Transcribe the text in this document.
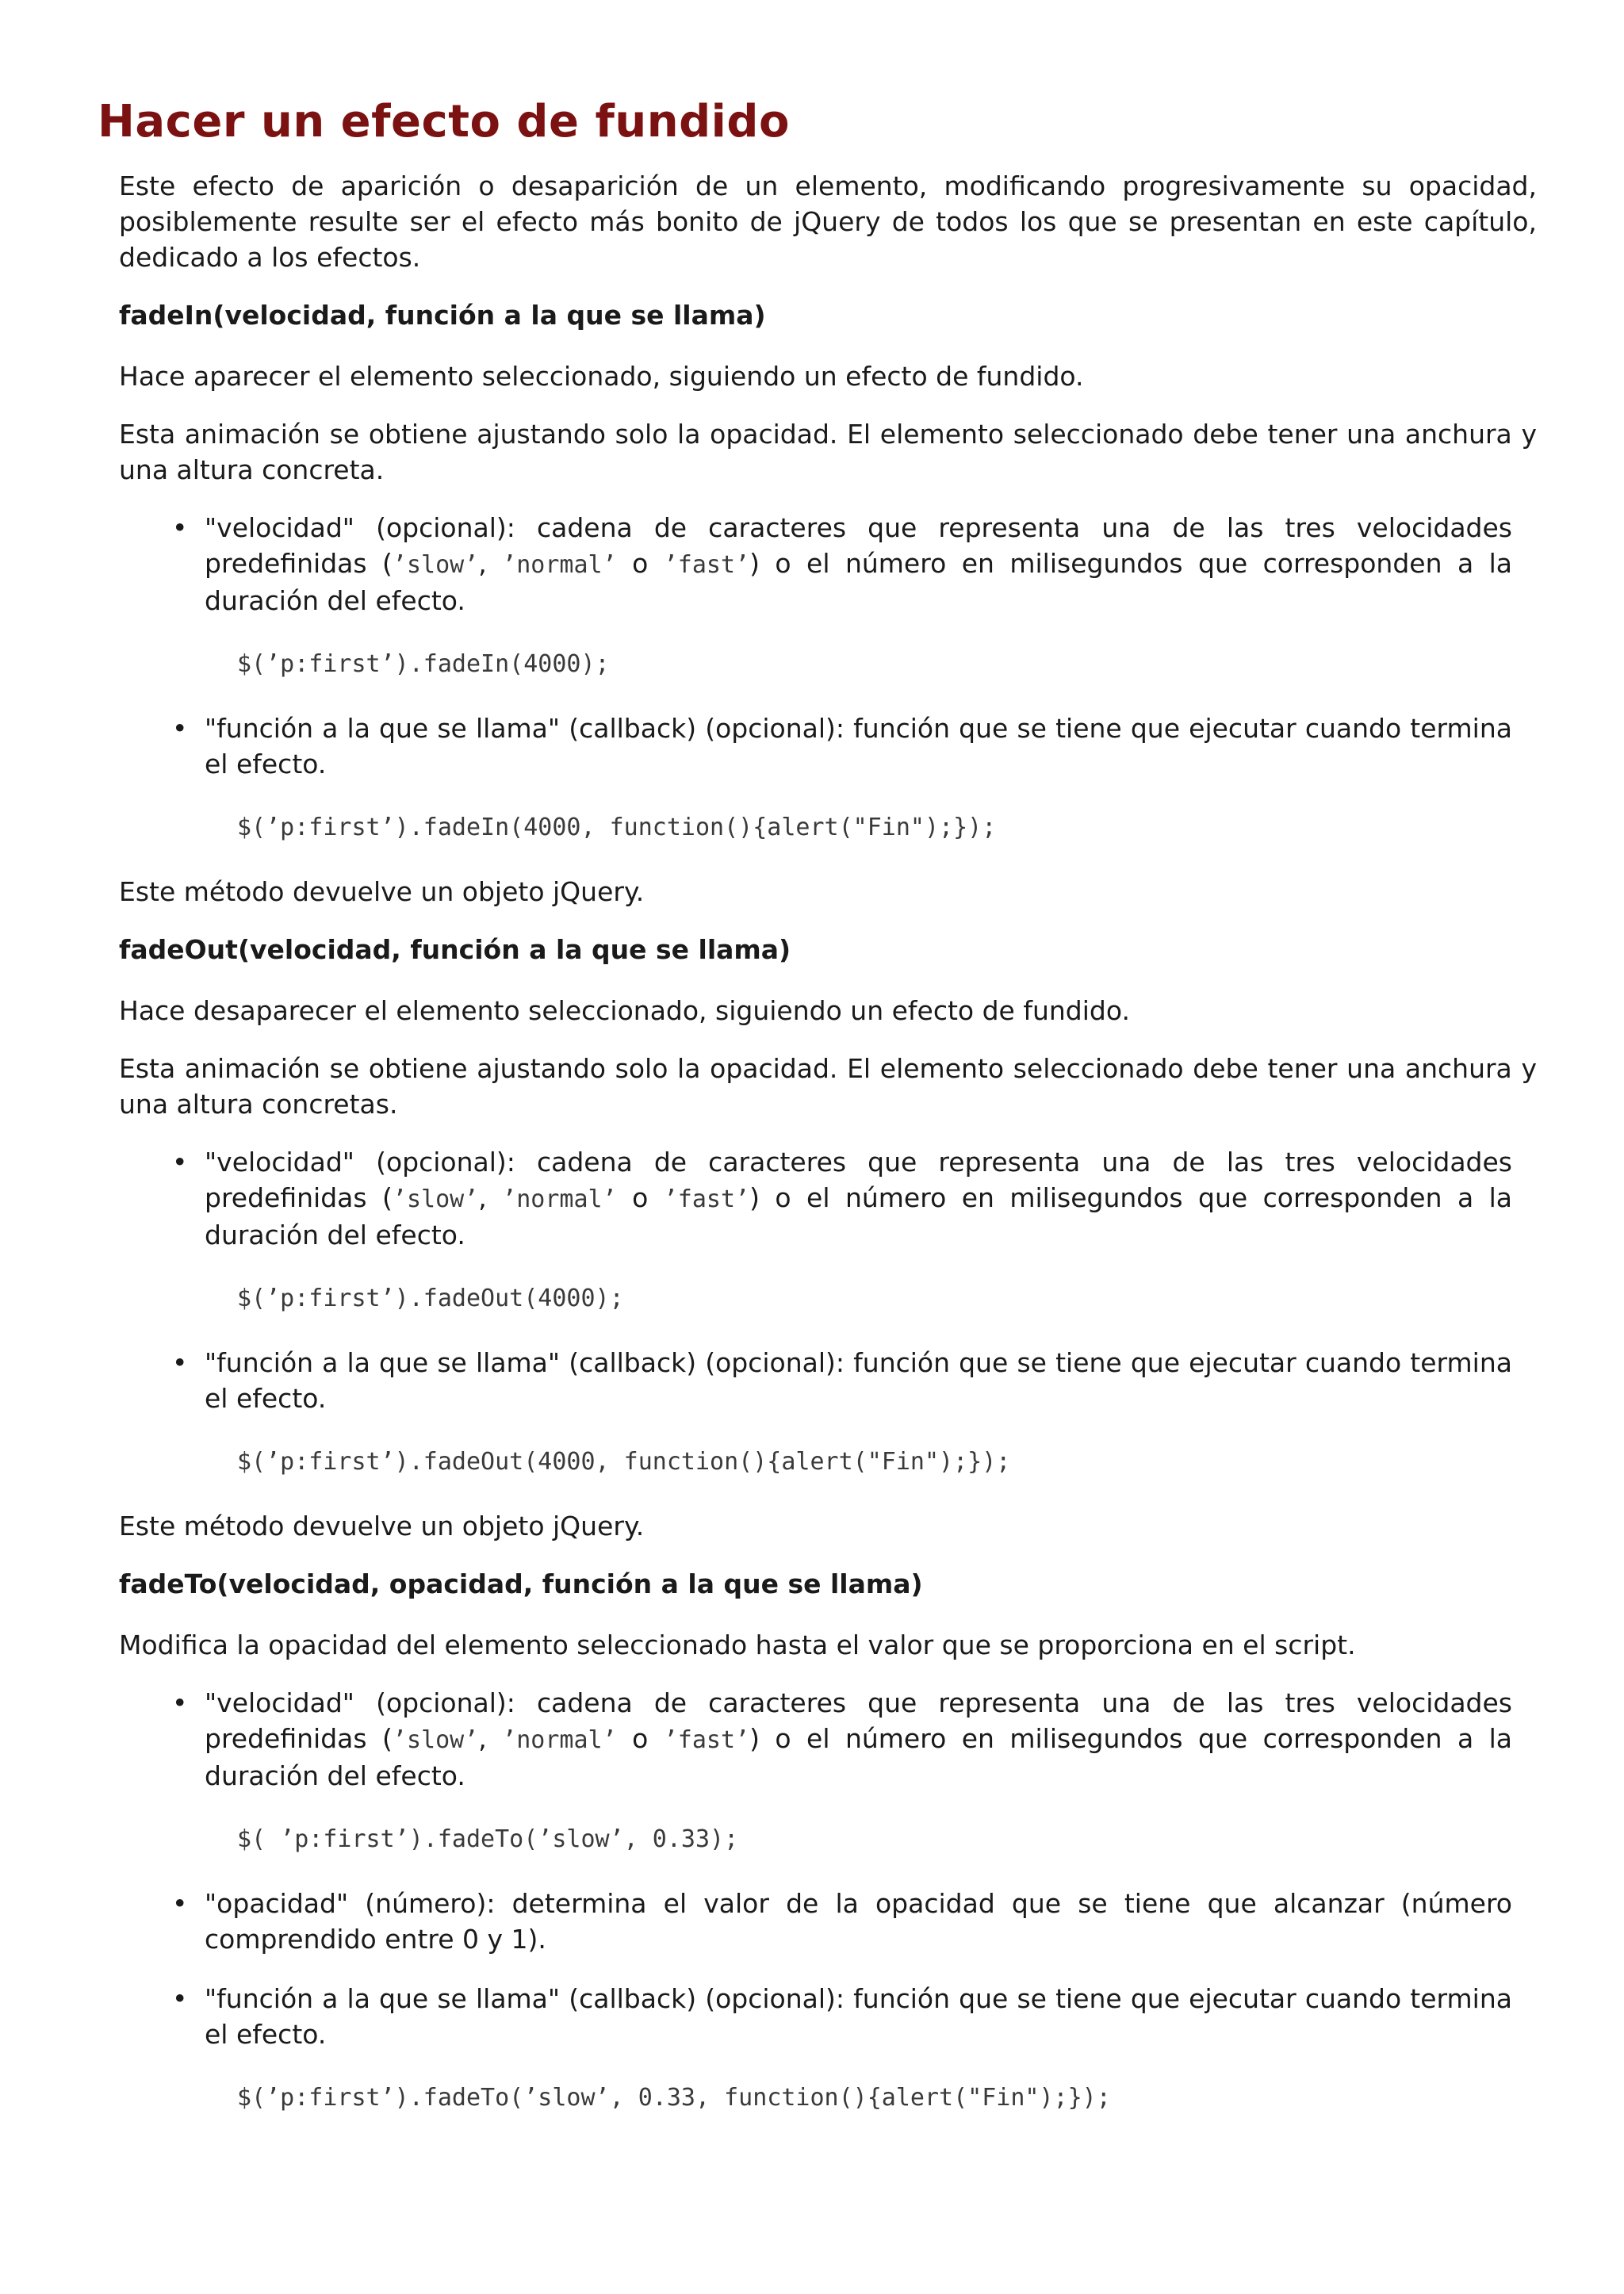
Hacer un efecto de fundido

Este efecto de aparición o desaparición de un elemento, modificando progresivamente su opacidad, posiblemente resulte ser el efecto más bonito de jQuery de todos los que se presentan en este capítulo, dedicado a los efectos.

fadeIn(velocidad, función a la que se llama)

Hace aparecer el elemento seleccionado, siguiendo un efecto de fundido.

Esta animación se obtiene ajustando solo la opacidad. El elemento seleccionado debe tener una anchura y una altura concreta.

• "velocidad" (opcional): cadena de caracteres que representa una de las tres velocidades predefinidas (’slow’, ’normal’ o ’fast’) o el número en milisegundos que corresponden a la duración del efecto.
$(’p:first’).fadeIn(4000);
• "función a la que se llama" (callback) (opcional): función que se tiene que ejecutar cuando termina el efecto.
$(’p:first’).fadeIn(4000, function(){alert("Fin");});

Este método devuelve un objeto jQuery.

fadeOut(velocidad, función a la que se llama)

Hace desaparecer el elemento seleccionado, siguiendo un efecto de fundido.

Esta animación se obtiene ajustando solo la opacidad. El elemento seleccionado debe tener una anchura y una altura concretas.

• "velocidad" (opcional): cadena de caracteres que representa una de las tres velocidades predefinidas (’slow’, ’normal’ o ’fast’) o el número en milisegundos que corresponden a la duración del efecto.
$(’p:first’).fadeOut(4000);
• "función a la que se llama" (callback) (opcional): función que se tiene que ejecutar cuando termina el efecto.
$(’p:first’).fadeOut(4000, function(){alert("Fin");});

Este método devuelve un objeto jQuery.

fadeTo(velocidad, opacidad, función a la que se llama)

Modifica la opacidad del elemento seleccionado hasta el valor que se proporciona en el script.

• "velocidad" (opcional): cadena de caracteres que representa una de las tres velocidades predefinidas (’slow’, ’normal’ o ’fast’) o el número en milisegundos que corresponden a la duración del efecto.
$( ’p:first’).fadeTo(’slow’, 0.33);
• "opacidad" (número): determina el valor de la opacidad que se tiene que alcanzar (número comprendido entre 0 y 1).
• "función a la que se llama" (callback) (opcional): función que se tiene que ejecutar cuando termina el efecto.
$(’p:first’).fadeTo(’slow’, 0.33, function(){alert("Fin");});
